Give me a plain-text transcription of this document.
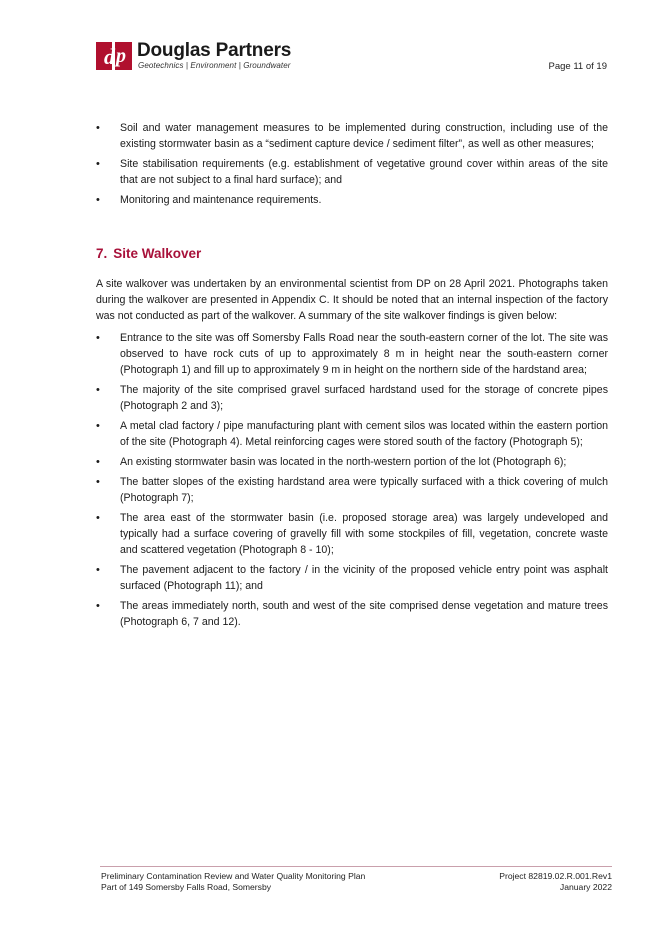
d p Douglas Partners
Geotechnics | Environment | Groundwater	Page 11 of 19
• Soil and water management measures to be implemented during construction, including use of the existing stormwater basin as a “sediment capture device / sediment filter”, as well as other measures;
• Site stabilisation requirements (e.g. establishment of vegetative ground cover within areas of the site that are not subject to a final hard surface); and
• Monitoring and maintenance requirements.
7. Site Walkover

A site walkover was undertaken by an environmental scientist from DP on 28 April 2021. Photographs taken during the walkover are presented in Appendix C. It should be noted that an internal inspection of the factory was not conducted as part of the walkover. A summary of the site walkover findings is given below:

• Entrance to the site was off Somersby Falls Road near the south-eastern corner of the lot. The site was observed to have rock cuts of up to approximately 8 m in height near the south-eastern corner (Photograph 1) and fill up to approximately 9 m in height on the northern side of the hardstand area;
• The majority of the site comprised gravel surfaced hardstand used for the storage of concrete pipes (Photograph 2 and 3);
• A metal clad factory / pipe manufacturing plant with cement silos was located within the eastern portion of the site (Photograph 4). Metal reinforcing cages were stored south of the factory (Photograph 5);
• An existing stormwater basin was located in the north-western portion of the lot (Photograph 6);
• The batter slopes of the existing hardstand area were typically surfaced with a thick covering of mulch (Photograph 7);
• The area east of the stormwater basin (i.e. proposed storage area) was largely undeveloped and typically had a surface covering of gravelly fill with some stockpiles of fill, vegetation, concrete waste and scattered vegetation (Photograph 8 - 10);
• The pavement adjacent to the factory / in the vicinity of the proposed vehicle entry point was asphalt surfaced (Photograph 11); and
• The areas immediately north, south and west of the site comprised dense vegetation and mature trees (Photograph 6, 7 and 12).
Preliminary Contamination Review and Water Quality Monitoring Plan
Part of 149 Somersby Falls Road, Somersby
Project 82819.02.R.001.Rev1
January 2022
